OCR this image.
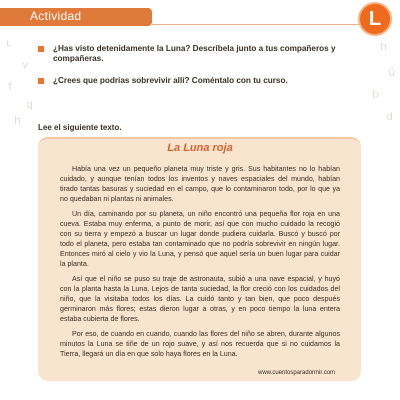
ʟ
v
f
q
h
ü
b
d
h
Actividad	L
¿Has visto detenidamente la Luna? Descríbela junto a tus compañeros y compañeras.
¿Crees que podrías sobrevivir allí? Coméntalo con tu curso.
Lee el siguiente texto.
La Luna roja

Había una vez un pequeño planeta muy triste y gris. Sus habitantes no lo habían cuidado, y aunque tenían todos los inventos y naves espaciales del mundo, habían tirado tantas basuras y suciedad en el campo, que lo contaminaron todo, por lo que ya no quedaban ni plantas ni animales.

Un día, caminando por su planeta, un niño encontró una pequeña flor roja en una cueva. Estaba muy enferma, a punto de morir, así que con mucho cuidado la recogió con su tierra y empezó a buscar un lugar donde pudiera cuidarla. Buscó y buscó por todo el planeta, pero estaba tan contaminado que no podría sobrevivir en ningún lugar. Entonces miró al cielo y vio la Luna, y pensó que aquel sería un buen lugar para cuidar la planta.

Así que el niño se puso su traje de astronauta, subió a una nave espacial, y huyó con la planta hasta la Luna. Lejos de tanta suciedad, la flor creció con los cuidados del niño, que la visitaba todos los días. La cuidó tanto y tan bien, que poco después germinaron más flores; estas dieron lugar a otras, y en poco tiempo la luna entera estaba cubierta de flores.

Por eso, de cuando en cuando, cuando las flores del niño se abren, durante algunos minutos la Luna se tiñe de un rojo suave, y así nos recuerda que si no cuidamos la Tierra, llegará un día en que solo haya flores en la Luna.

www.cuentosparadormir.com
